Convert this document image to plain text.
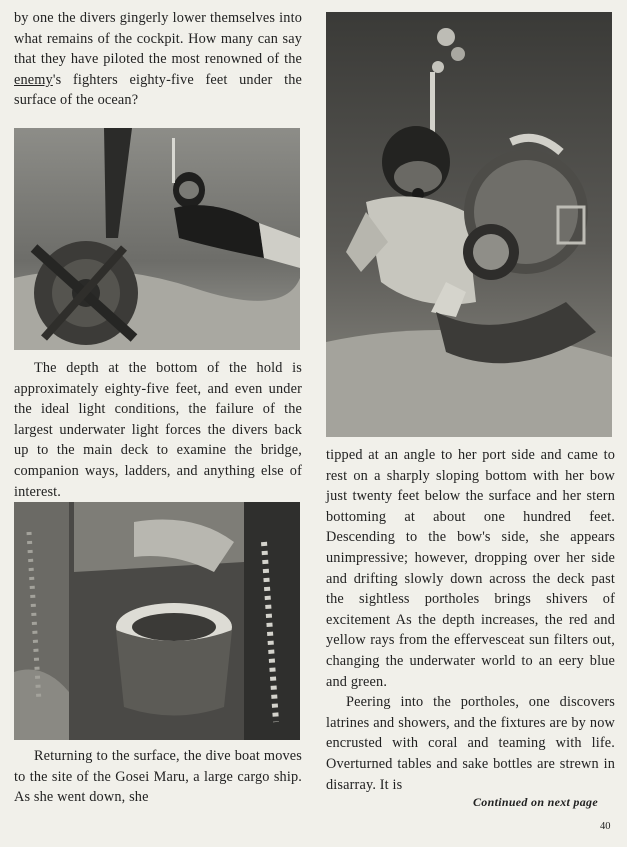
by one the divers gingerly lower themselves into what remains of the cockpit. How many can say that they have piloted the most renowned of the enemy's fighters eighty-five feet under the surface of the ocean?

The depth at the bottom of the hold is approximately eighty-five feet, and even under the ideal light conditions, the failure of the largest underwater light forces the divers back up to the main deck to examine the bridge, companion ways, ladders, and anything else of interest.

Returning to the surface, the dive boat moves to the site of the Gosei Maru, a large cargo ship. As she went down, she

tipped at an angle to her port side and came to rest on a sharply sloping bottom with her bow just twenty feet below the surface and her stern bottoming at about one hundred feet. Descending to the bow's side, she appears unimpressive; however, dropping over her side and drifting slowly down across the deck past the sightless portholes brings shivers of excitement As the depth increases, the red and yellow rays from the effervesceat sun filters out, changing the underwater world to an eery blue and green.

Peering into the portholes, one discovers latrines and showers, and the fixtures are by now encrusted with coral and teaming with life. Overturned tables and sake bottles are strewn in disarray. It is

Continued on next page
40
